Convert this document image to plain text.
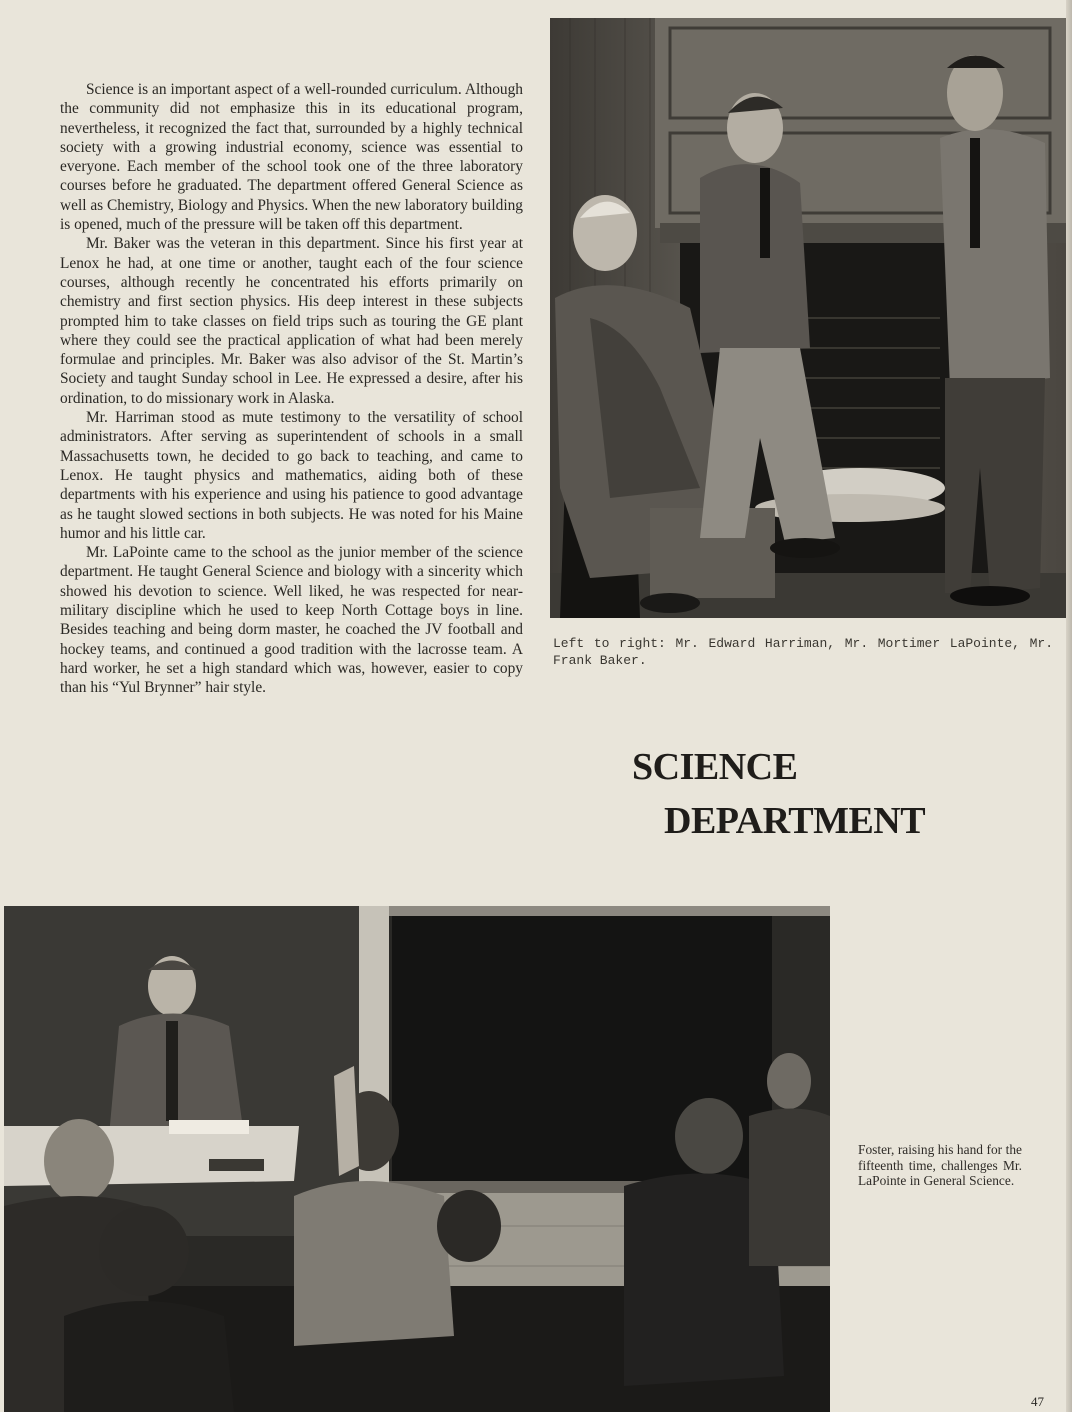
Science is an important aspect of a well-rounded curriculum. Although the community did not emphasize this in its educational program, nevertheless, it recognized the fact that, surrounded by a highly technical society with a growing industrial economy, science was essential to everyone. Each member of the school took one of the three laboratory courses before he graduated. The department offered General Science as well as Chemistry, Biology and Physics. When the new laboratory building is opened, much of the pressure will be taken off this department.

Mr. Baker was the veteran in this department. Since his first year at Lenox he had, at one time or another, taught each of the four science courses, although recently he concentrated his efforts primarily on chemistry and first section physics. His deep interest in these subjects prompted him to take classes on field trips such as touring the GE plant where they could see the practical application of what had been merely formulae and principles. Mr. Baker was also advisor of the St. Martin’s Society and taught Sunday school in Lee. He expressed a desire, after his ordination, to do missionary work in Alaska.

Mr. Harriman stood as mute testimony to the versatility of school administrators. After serving as superintendent of schools in a small Massachusetts town, he decided to go back to teaching, and came to Lenox. He taught physics and mathematics, aiding both of these departments with his experience and using his patience to good advantage as he taught slowed sections in both subjects. He was noted for his Maine humor and his little car.

Mr. LaPointe came to the school as the junior member of the science department. He taught General Science and biology with a sincerity which showed his devotion to science. Well liked, he was respected for near-military discipline which he used to keep North Cottage boys in line. Besides teaching and being dorm master, he coached the JV football and hockey teams, and continued a good tradition with the lacrosse team. A hard worker, he set a high standard which was, however, easier to copy than his “Yul Brynner” hair style.

Left to right: Mr. Edward Harriman, Mr. Mortimer LaPointe, Mr. Frank Baker.
SCIENCE
DEPARTMENT
Foster, raising his hand for the fifteenth time, challenges Mr. LaPointe in General Science.
47
